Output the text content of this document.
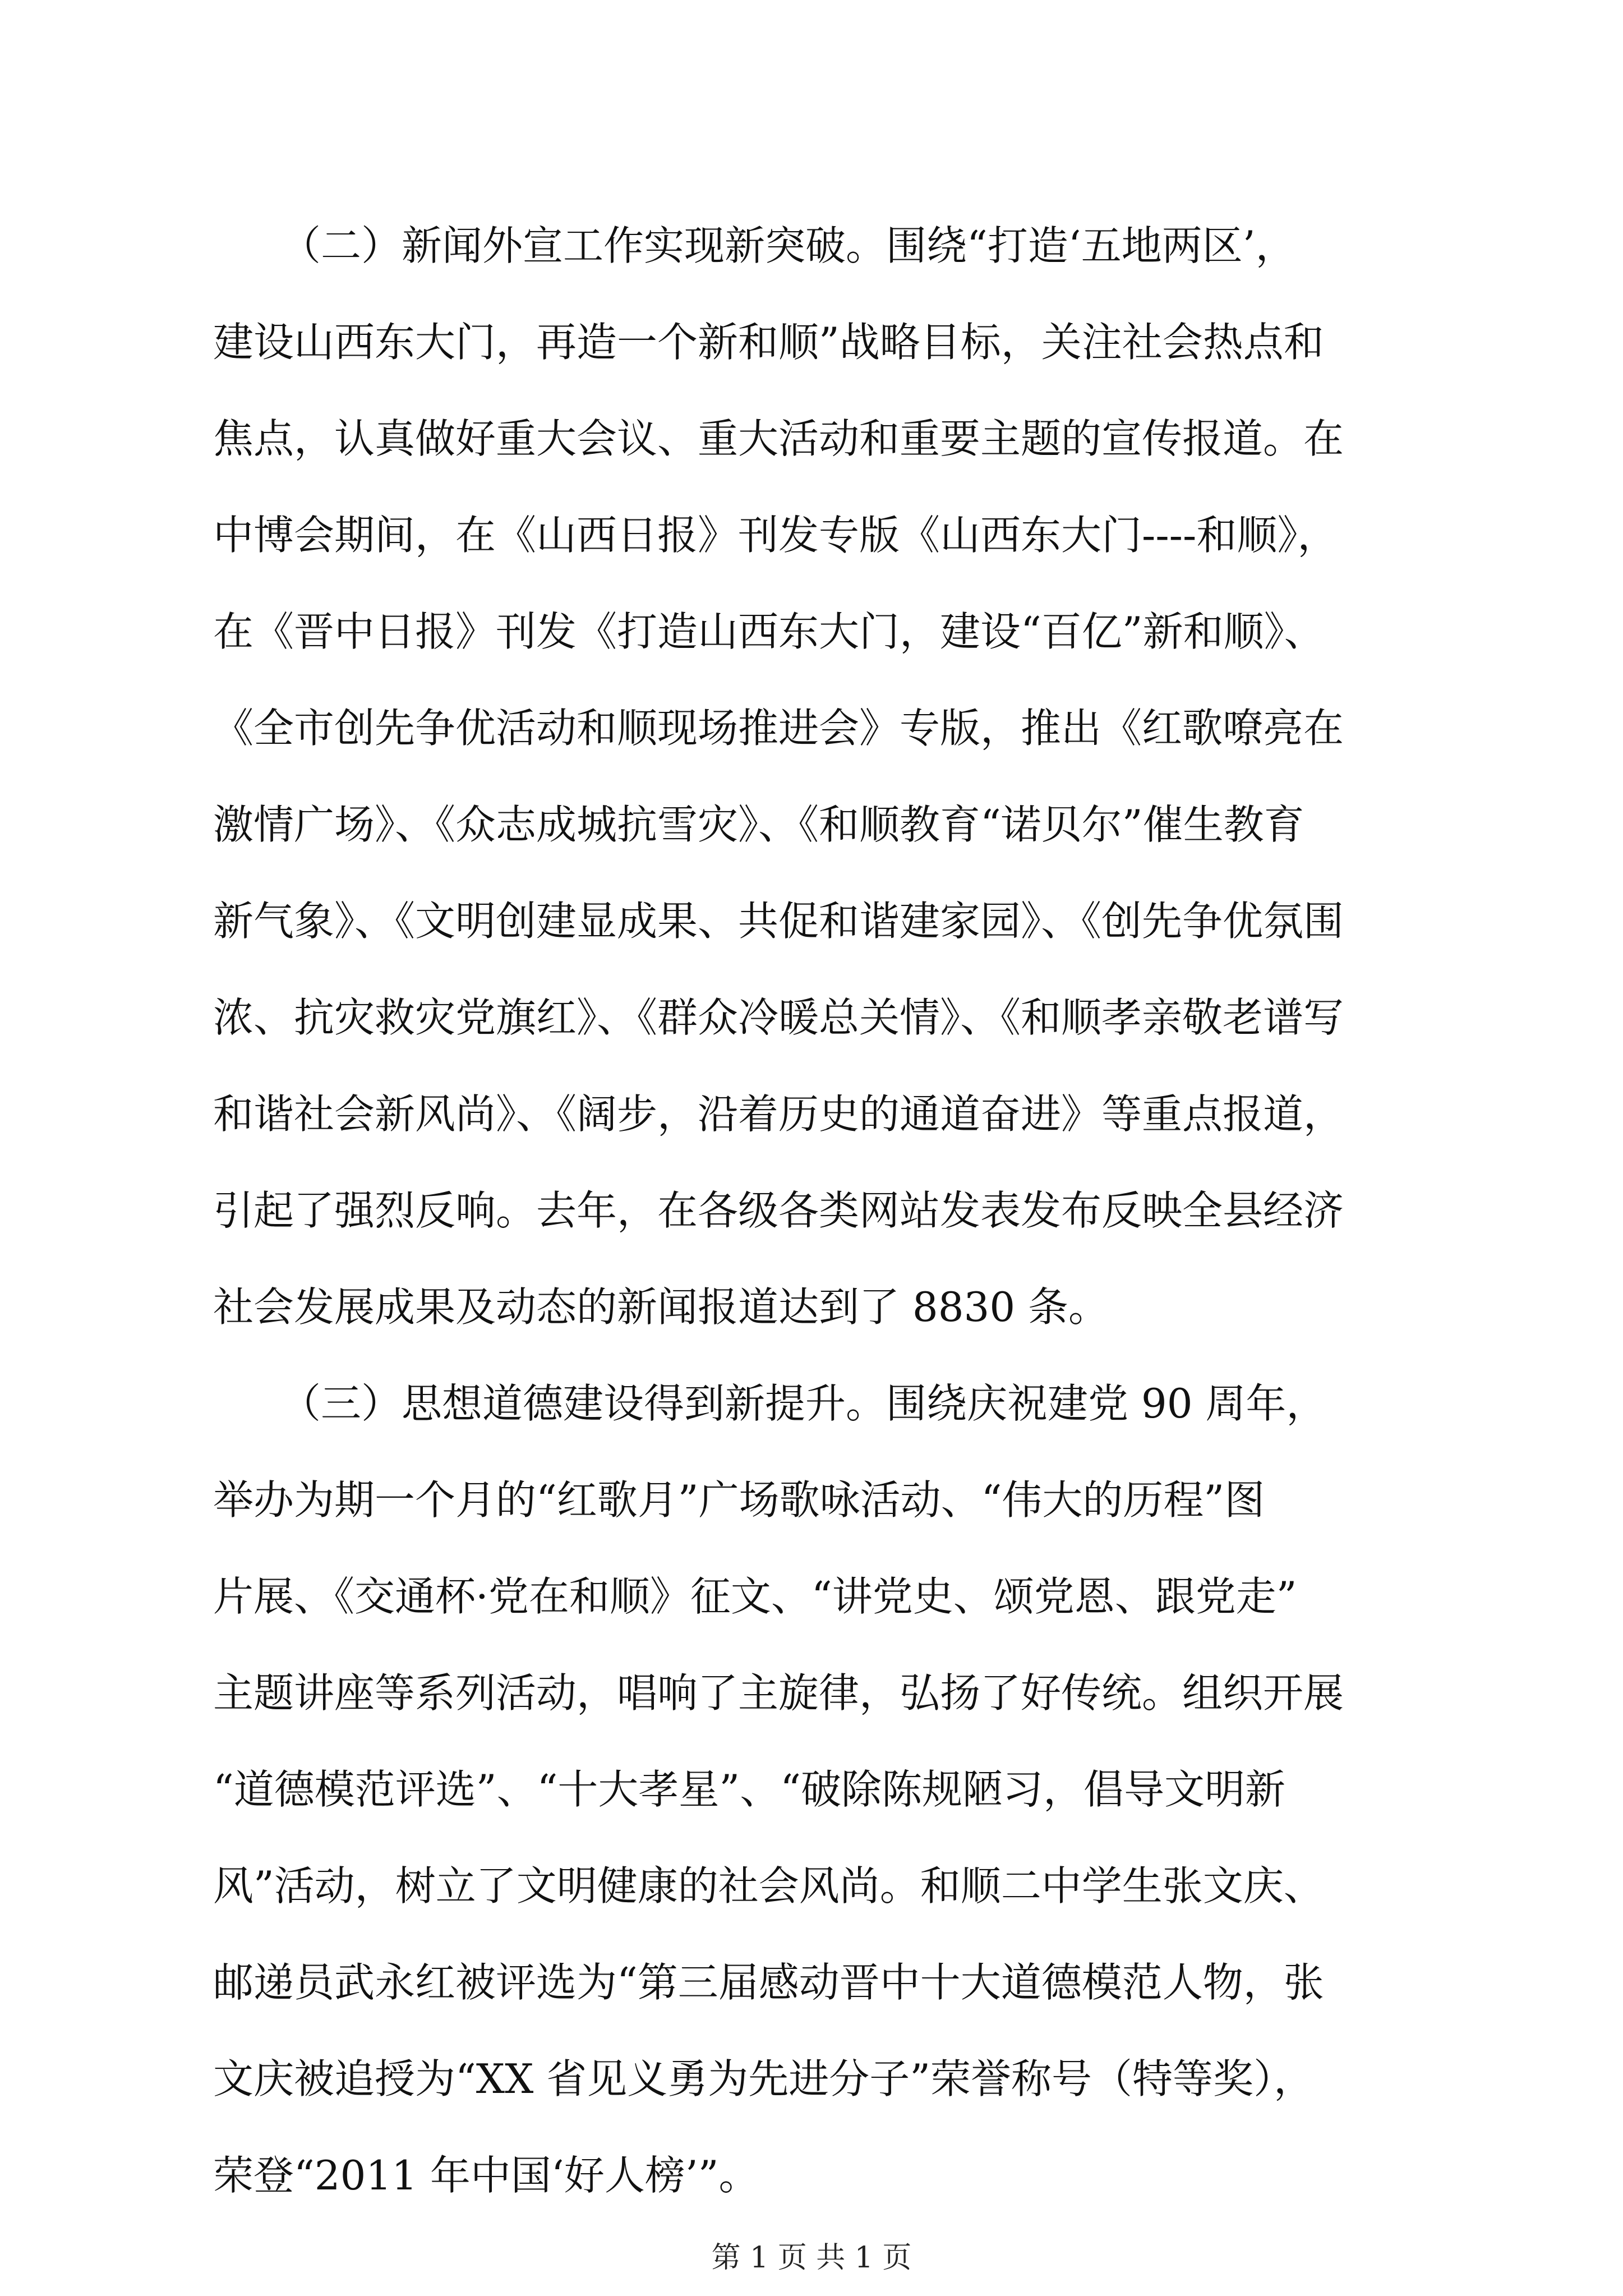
（二）新闻外宣工作实现新突破。围绕“打造‘五地两区’，
建设山西东大门，再造一个新和顺”战略目标，关注社会热点和
焦点，认真做好重大会议、重大活动和重要主题的宣传报道。在
中博会期间，在《山西日报》刊发专版《山西东大门----和顺》，
在《晋中日报》刊发《打造山西东大门，建设“百亿”新和顺》、
《全市创先争优活动和顺现场推进会》专版，推出《红歌嘹亮在
激情广场》、《众志成城抗雪灾》、《和顺教育“诺贝尔”催生教育
新气象》、《文明创建显成果、共促和谐建家园》、《创先争优氛围
浓、抗灾救灾党旗红》、《群众冷暖总关情》、《和顺孝亲敬老谱写
和谐社会新风尚》、《阔步，沿着历史的通道奋进》等重点报道，
引起了强烈反响。去年，在各级各类网站发表发布反映全县经济
社会发展成果及动态的新闻报道达到了 8830 条。
（三）思想道德建设得到新提升。围绕庆祝建党 90 周年，
举办为期一个月的“红歌月”广场歌咏活动、“伟大的历程”图
片展、《交通杯·党在和顺》征文、“讲党史、颂党恩、跟党走”
主题讲座等系列活动，唱响了主旋律，弘扬了好传统。组织开展
“道德模范评选”、“十大孝星”、“破除陈规陋习，倡导文明新
风”活动，树立了文明健康的社会风尚。和顺二中学生张文庆、
邮递员武永红被评选为“第三届感动晋中十大道德模范人物，张
文庆被追授为“XX 省见义勇为先进分子”荣誉称号（特等奖），
荣登“2011 年中国‘好人榜’”。
第 1 页 共 1 页
